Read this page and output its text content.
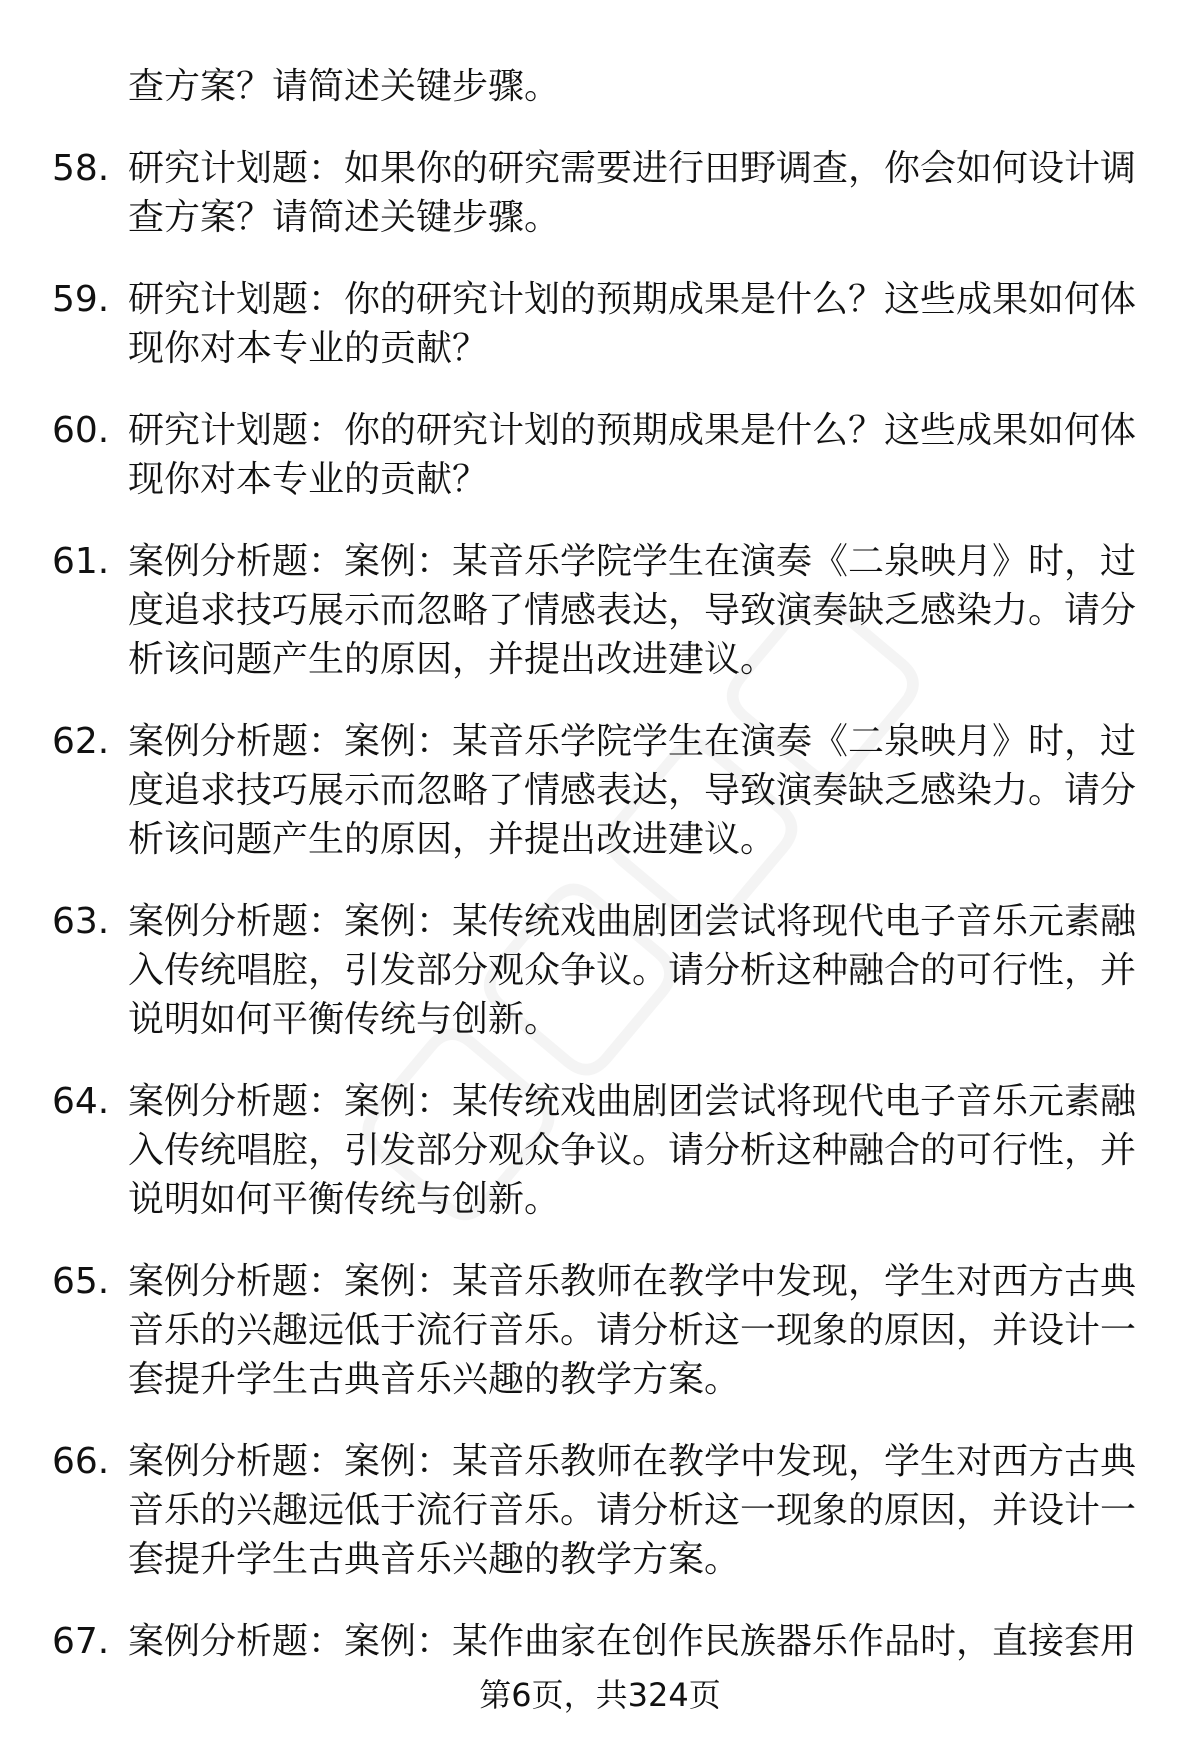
查方案？请简述关键步骤。
58. 研究计划题：如果你的研究需要进行田野调查，你会如何设计调
查方案？请简述关键步骤。
59. 研究计划题：你的研究计划的预期成果是什么？这些成果如何体
现你对本专业的贡献？
60. 研究计划题：你的研究计划的预期成果是什么？这些成果如何体
现你对本专业的贡献？
61. 案例分析题：案例：某音乐学院学生在演奏《二泉映月》时，过
度追求技巧展示而忽略了情感表达，导致演奏缺乏感染力。请分
析该问题产生的原因，并提出改进建议。
62. 案例分析题：案例：某音乐学院学生在演奏《二泉映月》时，过
度追求技巧展示而忽略了情感表达，导致演奏缺乏感染力。请分
析该问题产生的原因，并提出改进建议。
63. 案例分析题：案例：某传统戏曲剧团尝试将现代电子音乐元素融
入传统唱腔，引发部分观众争议。请分析这种融合的可行性，并
说明如何平衡传统与创新。
64. 案例分析题：案例：某传统戏曲剧团尝试将现代电子音乐元素融
入传统唱腔，引发部分观众争议。请分析这种融合的可行性，并
说明如何平衡传统与创新。
65. 案例分析题：案例：某音乐教师在教学中发现，学生对西方古典
音乐的兴趣远低于流行音乐。请分析这一现象的原因，并设计一
套提升学生古典音乐兴趣的教学方案。
66. 案例分析题：案例：某音乐教师在教学中发现，学生对西方古典
音乐的兴趣远低于流行音乐。请分析这一现象的原因，并设计一
套提升学生古典音乐兴趣的教学方案。
67. 案例分析题：案例：某作曲家在创作民族器乐作品时，直接套用
第6页，共324页
